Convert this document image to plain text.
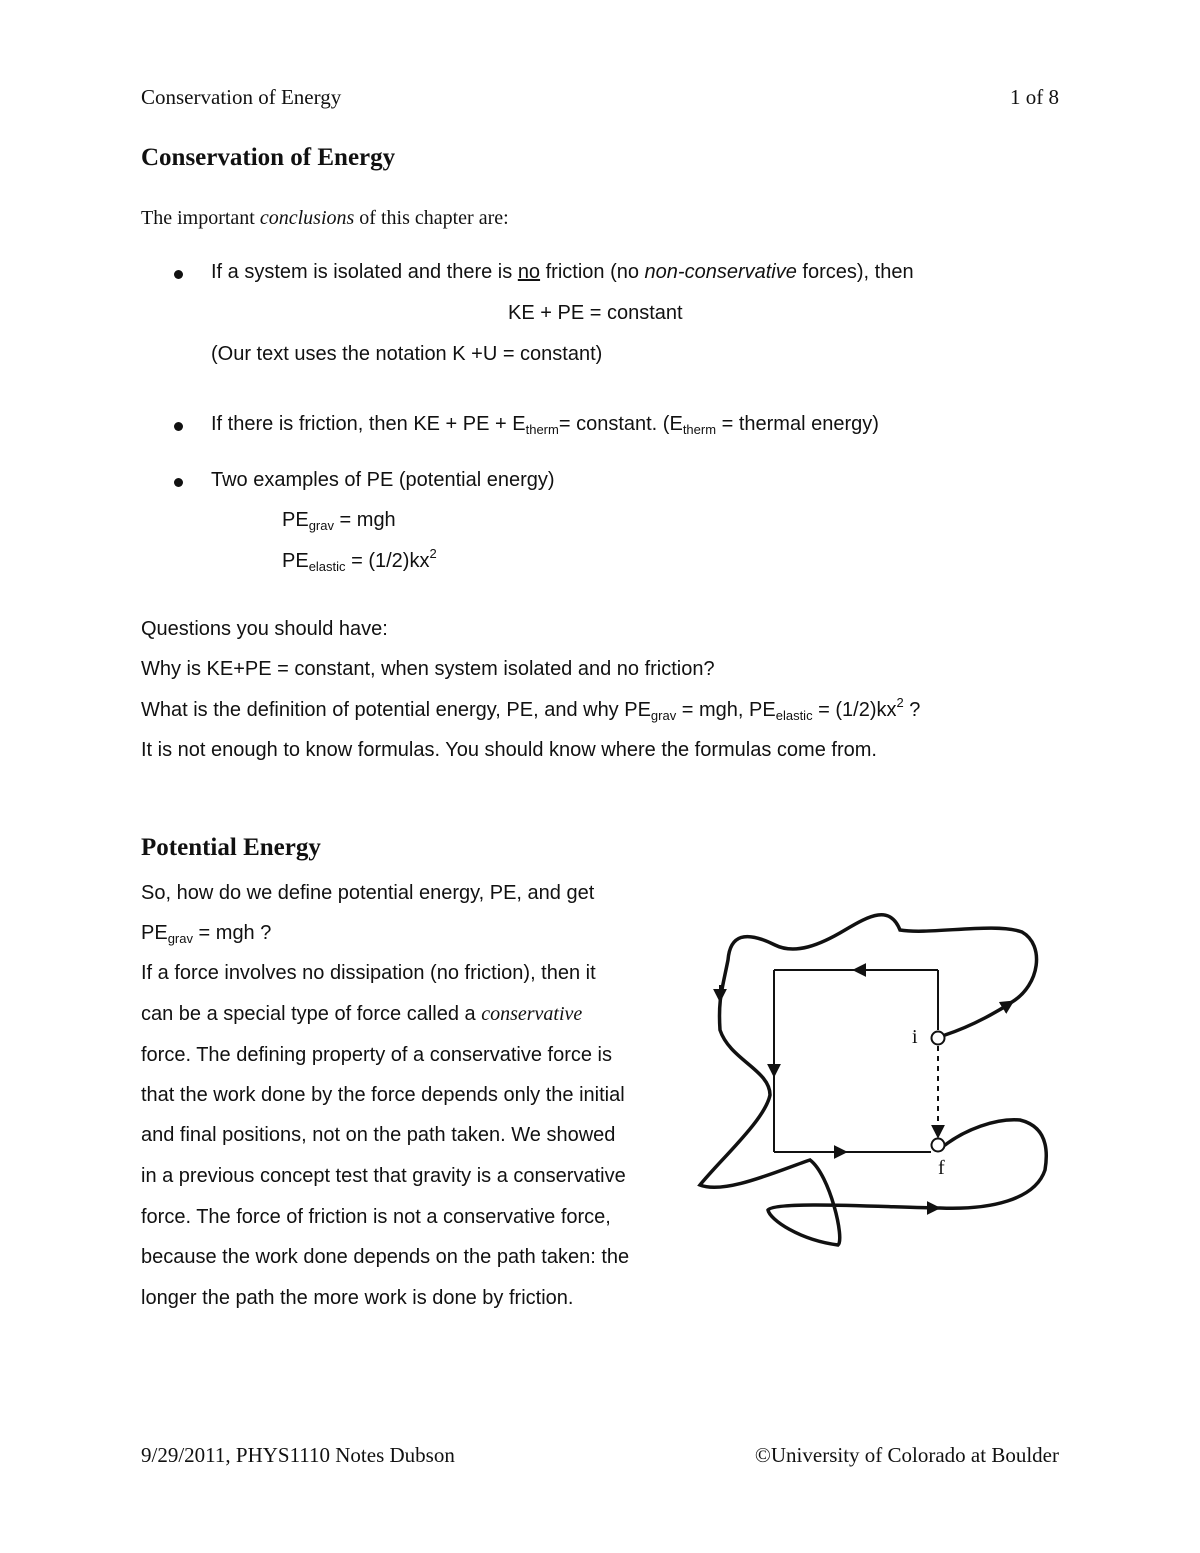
Conservation of Energy	1 of 8
Conservation of Energy
The important conclusions of this chapter are:
If a system is isolated and there is no friction (no non-conservative forces), then
KE + PE = constant
(Our text uses the notation K +U = constant)
If there is friction, then KE + PE + $E_{therm}=$ constant. ($E_{therm}$ = thermal energy)
Two examples of PE (potential energy)
$PE_{grav}$ = mgh
$PE_{elastic} = (1/2)kx^2$
Questions you should have:
Why is KE+PE = constant, when system isolated and no friction?
What is the definition of potential energy, PE, and why $PE_{grav}$ = mgh, $PE_{elastic} = (1/2)kx^2$ ?
It is not enough to know formulas. You should know where the formulas come from.
Potential Energy
So, how do we define potential energy, PE, and get
$PE_{grav}$ = mgh ?
If a force involves no dissipation (no friction), then it
can be a special type of force called a conservative
force. The defining property of a conservative force is
that the work done by the force depends only the initial
and final positions, not on the path taken. We showed
in a previous concept test that gravity is a conservative
force. The force of friction is not a conservative force,
because the work done depends on the path taken: the
longer the path the more work is done by friction.
i
f
9/29/2011, PHYS1110 Notes Dubson	©University of Colorado at Boulder
